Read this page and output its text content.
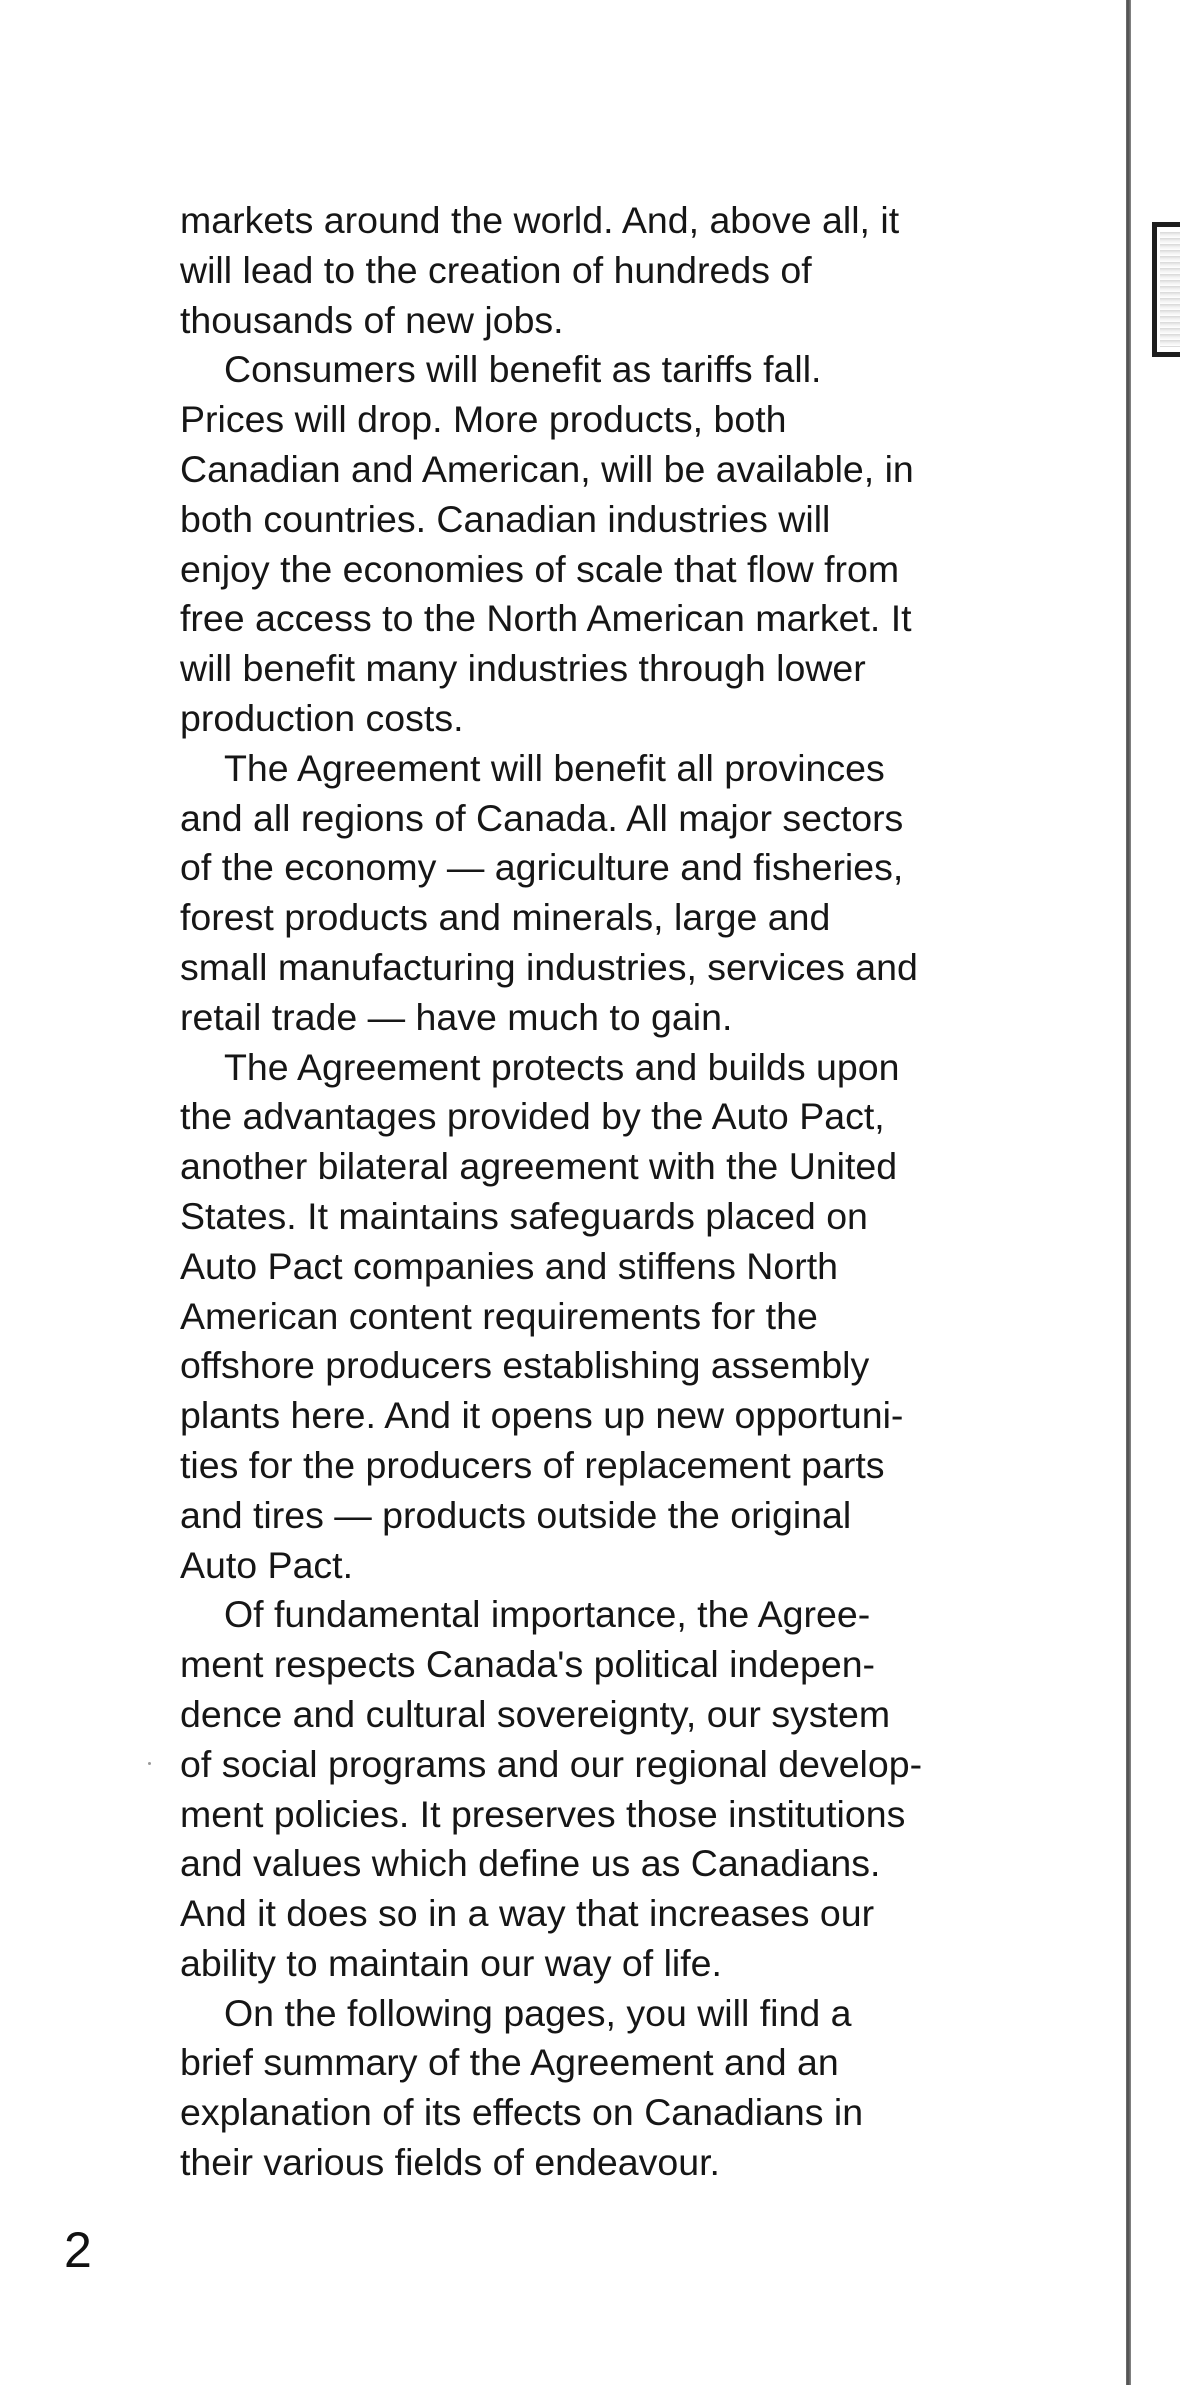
markets around the world. And, above all, it
will lead to the creation of hundreds of
thousands of new jobs.

Consumers will benefit as tariffs fall.
Prices will drop. More products, both
Canadian and American, will be available, in
both countries. Canadian industries will
enjoy the economies of scale that flow from
free access to the North American market. It
will benefit many industries through lower
production costs.

The Agreement will benefit all provinces
and all regions of Canada. All major sectors
of the economy — agriculture and fisheries,
forest products and minerals, large and
small manufacturing industries, services and
retail trade — have much to gain.

The Agreement protects and builds upon
the advantages provided by the Auto Pact,
another bilateral agreement with the United
States. It maintains safeguards placed on
Auto Pact companies and stiffens North
American content requirements for the
offshore producers establishing assembly
plants here. And it opens up new opportuni-
ties for the producers of replacement parts
and tires — products outside the original
Auto Pact.

Of fundamental importance, the Agree-
ment respects Canada's political indepen-
dence and cultural sovereignty, our system
of social programs and our regional develop-
ment policies. It preserves those institutions
and values which define us as Canadians.
And it does so in a way that increases our
ability to maintain our way of life.

On the following pages, you will find a
brief summary of the Agreement and an
explanation of its effects on Canadians in
their various fields of endeavour.

2
